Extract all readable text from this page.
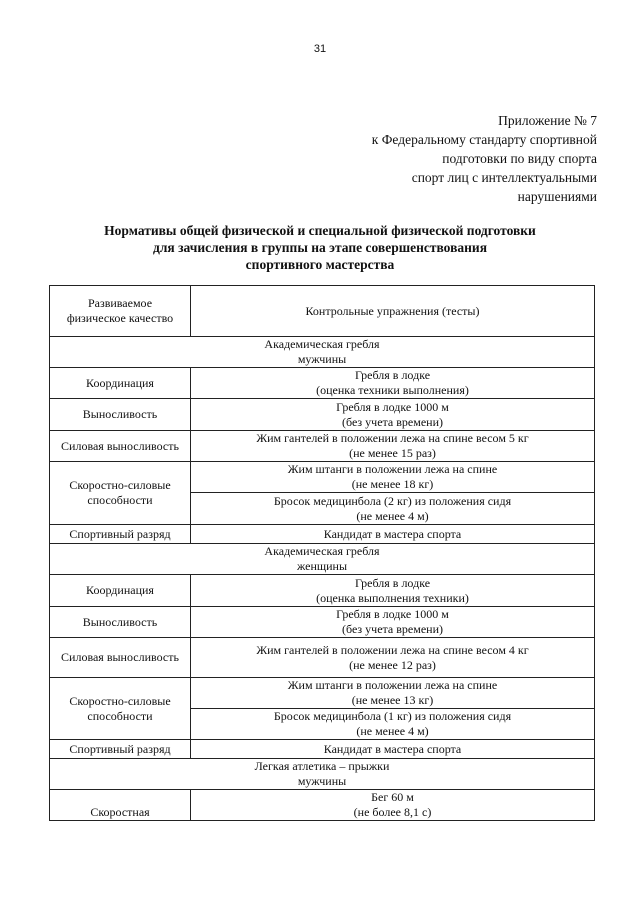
31
Приложение № 7
к Федеральному стандарту спортивной
подготовки по виду спорта
спорт лиц с интеллектуальными
нарушениями
Нормативы общей физической и специальной физической подготовки
для зачисления в группы на этапе совершенствования
спортивного мастерства
Развиваемое
физическое качество	Контрольные упражнения (тесты)

Академическая гребля
мужчины	

Координация	Гребля в лодке
(оценка техники выполнения)

Выносливость	Гребля в лодке 1000 м
(без учета времени)

Силовая выносливость	Жим гантелей в положении лежа на спине весом 5 кг
(не менее 15 раз)

Скоростно-силовые
способности	Жим штанги в положении лежа на спине
(не менее 18 кг)

	Бросок медицинбола (2 кг) из положения сидя
(не менее 4 м)

Спортивный разряд	Кандидат в мастера спорта

Академическая гребля
женщины	

Координация	Гребля в лодке
(оценка выполнения техники)

Выносливость	Гребля в лодке 1000 м
(без учета времени)

Силовая выносливость	Жим гантелей в положении лежа на спине весом 4 кг
(не менее 12 раз)

Скоростно-силовые
способности	Жим штанги в положении лежа на спине
(не менее 13 кг)

	Бросок медицинбола (1 кг) из положения сидя
(не менее 4 м)

Спортивный разряд	Кандидат в мастера спорта

Легкая атлетика – прыжки
мужчины	

Скоростная	Бег 60 м
(не более 8,1 с)
